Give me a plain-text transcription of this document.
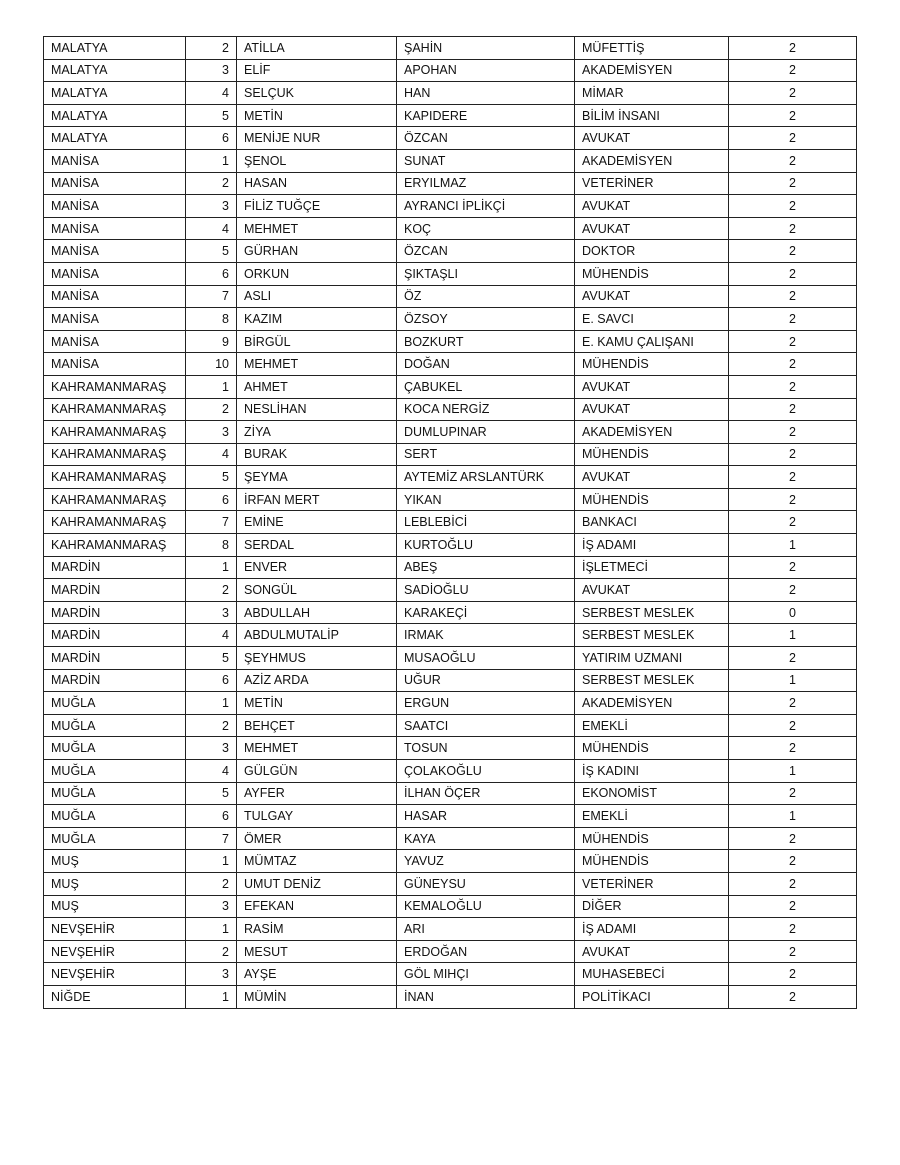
MALATYA	2	ATİLLA	ŞAHİN	MÜFETTİŞ	2
MALATYA	3	ELİF	APOHAN	AKADEMİSYEN	2
MALATYA	4	SELÇUK	HAN	MİMAR	2
MALATYA	5	METİN	KAPIDERE	BİLİM İNSANI	2
MALATYA	6	MENİJE NUR	ÖZCAN	AVUKAT	2
MANİSA	1	ŞENOL	SUNAT	AKADEMİSYEN	2
MANİSA	2	HASAN	ERYILMAZ	VETERİNER	2
MANİSA	3	FİLİZ TUĞÇE	AYRANCI İPLİKÇİ	AVUKAT	2
MANİSA	4	MEHMET	KOÇ	AVUKAT	2
MANİSA	5	GÜRHAN	ÖZCAN	DOKTOR	2
MANİSA	6	ORKUN	ŞIKTAŞLI	MÜHENDİS	2
MANİSA	7	ASLI	ÖZ	AVUKAT	2
MANİSA	8	KAZIM	ÖZSOY	E. SAVCI	2
MANİSA	9	BİRGÜL	BOZKURT	E. KAMU ÇALIŞANI	2
MANİSA	10	MEHMET	DOĞAN	MÜHENDİS	2
KAHRAMANMARAŞ	1	AHMET	ÇABUKEL	AVUKAT	2
KAHRAMANMARAŞ	2	NESLİHAN	KOCA NERGİZ	AVUKAT	2
KAHRAMANMARAŞ	3	ZİYA	DUMLUPINAR	AKADEMİSYEN	2
KAHRAMANMARAŞ	4	BURAK	SERT	MÜHENDİS	2
KAHRAMANMARAŞ	5	ŞEYMA	AYTEMİZ ARSLANTÜRK	AVUKAT	2
KAHRAMANMARAŞ	6	İRFAN MERT	YIKAN	MÜHENDİS	2
KAHRAMANMARAŞ	7	EMİNE	LEBLEBİCİ	BANKACI	2
KAHRAMANMARAŞ	8	SERDAL	KURTOĞLU	İŞ ADAMI	1
MARDİN	1	ENVER	ABEŞ	İŞLETMECİ	2
MARDİN	2	SONGÜL	SADİOĞLU	AVUKAT	2
MARDİN	3	ABDULLAH	KARAKEÇİ	SERBEST MESLEK	0
MARDİN	4	ABDULMUTALİP	IRMAK	SERBEST MESLEK	1
MARDİN	5	ŞEYHMUS	MUSAOĞLU	YATIRIM UZMANI	2
MARDİN	6	AZİZ ARDA	UĞUR	SERBEST MESLEK	1
MUĞLA	1	METİN	ERGUN	AKADEMİSYEN	2
MUĞLA	2	BEHÇET	SAATCI	EMEKLİ	2
MUĞLA	3	MEHMET	TOSUN	MÜHENDİS	2
MUĞLA	4	GÜLGÜN	ÇOLAKOĞLU	İŞ KADINI	1
MUĞLA	5	AYFER	İLHAN ÖÇER	EKONOMİST	2
MUĞLA	6	TULGAY	HASAR	EMEKLİ	1
MUĞLA	7	ÖMER	KAYA	MÜHENDİS	2
MUŞ	1	MÜMTAZ	YAVUZ	MÜHENDİS	2
MUŞ	2	UMUT DENİZ	GÜNEYSU	VETERİNER	2
MUŞ	3	EFEKAN	KEMALOĞLU	DİĞER	2
NEVŞEHİR	1	RASİM	ARI	İŞ ADAMI	2
NEVŞEHİR	2	MESUT	ERDOĞAN	AVUKAT	2
NEVŞEHİR	3	AYŞE	GÖL MIHÇI	MUHASEBECİ	2
NİĞDE	1	MÜMİN	İNAN	POLİTİKACI	2
